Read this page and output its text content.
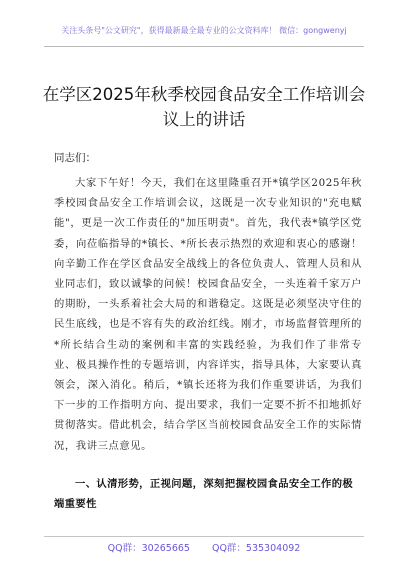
关注头条号"公文研究"，获得最新最全最专业的公文资料库！ 微信：gongwenyj
在学区2025年秋季校园食品安全工作培训会议上的讲话
同志们：
大家下午好！今天，我们在这里隆重召开*镇学区2025年秋季校园食品安全工作培训会议，这既是一次专业知识的"充电赋能"，更是一次工作责任的"加压明责"。首先，我代表*镇学区党委，向莅临指导的*镇长、*所长表示热烈的欢迎和衷心的感谢！向辛勤工作在学区食品安全战线上的各位负责人、管理人员和从业同志们，致以诚挚的问候！校园食品安全，一头连着千家万户的期盼，一头系着社会大局的和谐稳定。这既是必须坚决守住的民生底线，也是不容有失的政治红线。刚才，市场监督管理所的*所长结合生动的案例和丰富的实践经验，为我们作了非常专业、极具操作性的专题培训，内容详实，指导具体，大家要认真领会，深入消化。稍后，*镇长还将为我们作重要讲话，为我们下一步的工作指明方向、提出要求，我们一定要不折不扣地抓好贯彻落实。借此机会，结合学区当前校园食品安全工作的实际情况，我讲三点意见。
一、认清形势，正视问题，深刻把握校园食品安全工作的极端重要性
QQ群：30265665 QQ群：535304092
